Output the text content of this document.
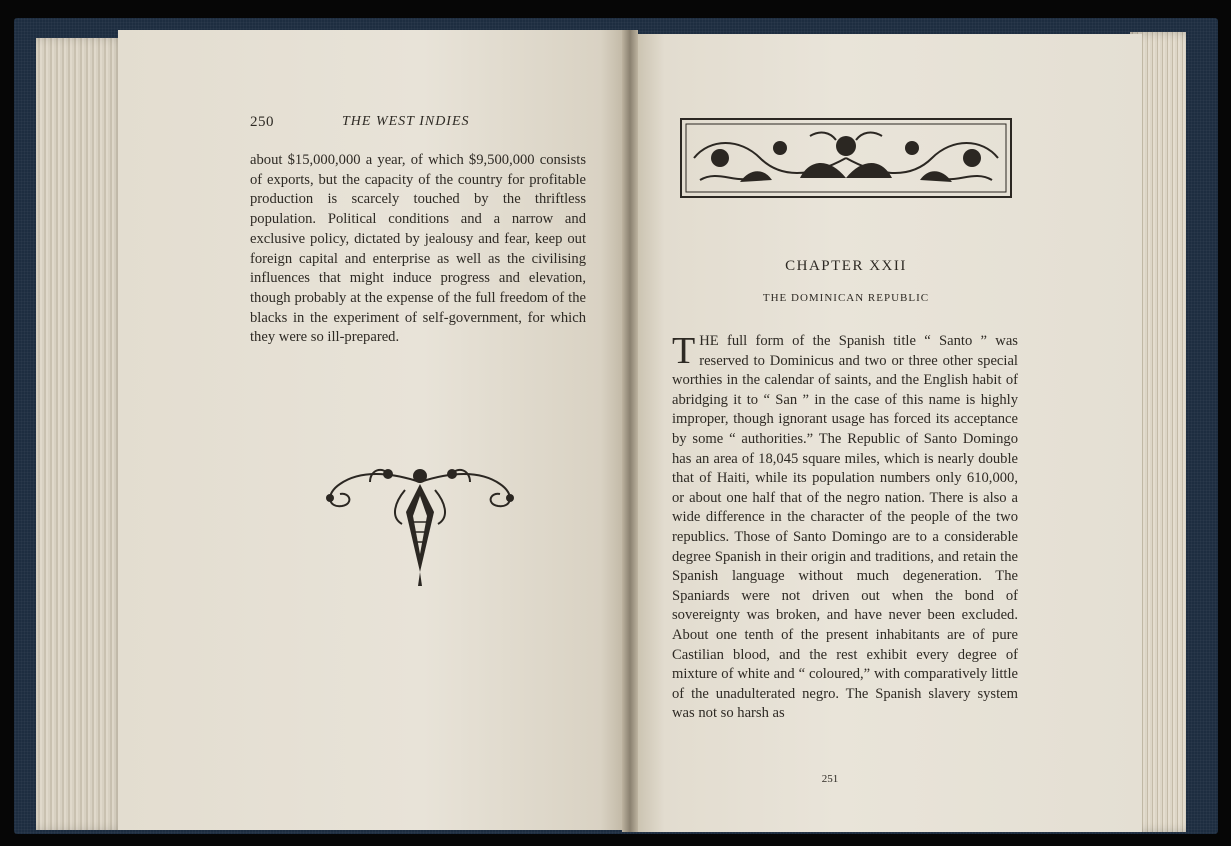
250	THE WEST INDIES

about $15,000,000 a year, of which $9,500,000 consists of exports, but the capacity of the country for profitable production is scarcely touched by the thriftless population. Political conditions and a narrow and exclusive policy, dictated by jealousy and fear, keep out foreign capital and enterprise as well as the civilising influences that might induce progress and elevation, though probably at the expense of the full freedom of the blacks in the experiment of self-government, for which they were so ill-prepared.

CHAPTER XXII
THE DOMINICAN REPUBLIC

THE full form of the Spanish title “ Santo ” was reserved to Dominicus and two or three other special worthies in the calendar of saints, and the English habit of abridging it to “ San ” in the case of this name is highly improper, though ignorant usage has forced its acceptance by some “ authorities.” The Republic of Santo Domingo has an area of 18,045 square miles, which is nearly double that of Haiti, while its population numbers only 610,000, or about one half that of the negro nation. There is also a wide difference in the character of the people of the two republics. Those of Santo Domingo are to a considerable degree Spanish in their origin and traditions, and retain the Spanish language without much degeneration. The Spaniards were not driven out when the bond of sovereignty was broken, and have never been excluded. About one tenth of the present inhabitants are of pure Castilian blood, and the rest exhibit every degree of mixture of white and “ coloured,” with comparatively little of the unadulterated negro. The Spanish slavery system was not so harsh as

251
